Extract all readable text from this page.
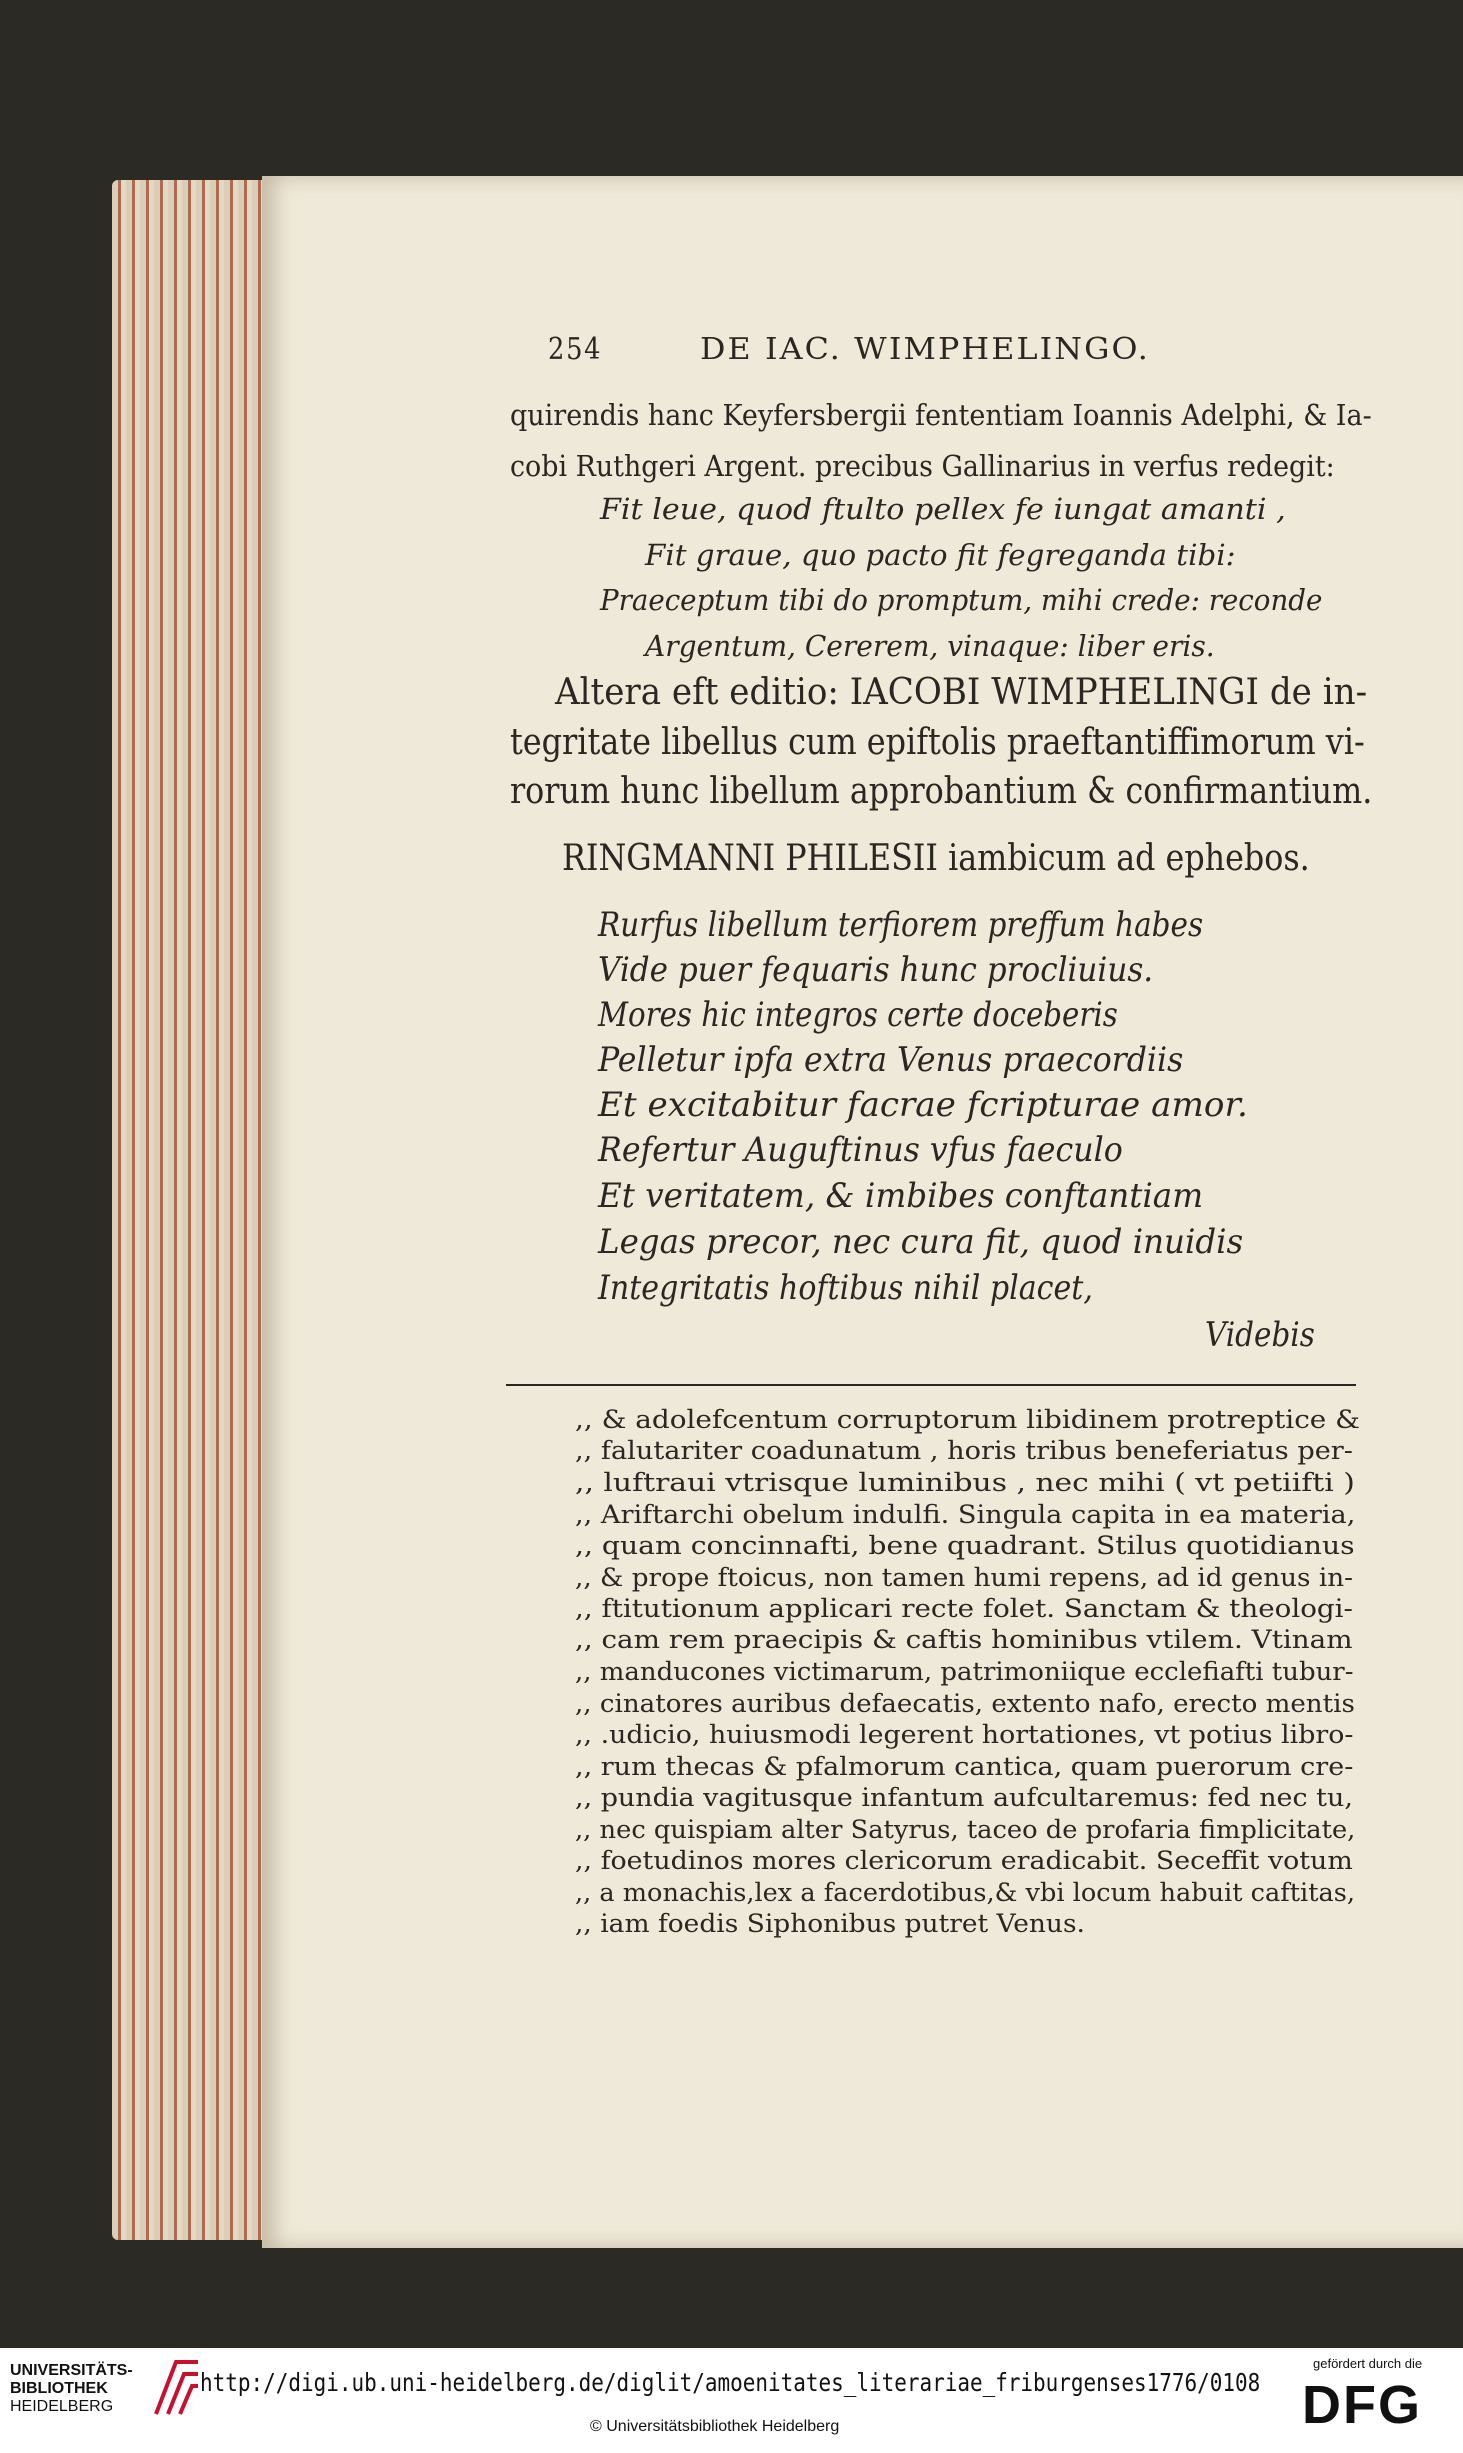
254	DE IAC. WIMPHELINGO.
quirendis hanc Keyfersbergii fententiam Ioannis Adelphi, & Ia-
cobi Ruthgeri Argent. precibus Gallinarius in verfus redegit:
Fit leue, quod ftulto pellex fe iungat amanti ,
Fit graue, quo pacto fit fegreganda tibi:
Praeceptum tibi do promptum, mihi crede: reconde
Argentum, Cererem, vinaque: liber eris.
Altera eft editio: IACOBI WIMPHELINGI de in-
tegritate libellus cum epiftolis praeftantiffimorum vi-
rorum hunc libellum approbantium & confirmantium.
RINGMANNI PHILESII iambicum ad ephebos.
Rurfus libellum terfiorem preffum habes
Vide puer fequaris hunc procliuius.
Mores hic integros certe doceberis
Pelletur ipfa extra Venus praecordiis
Et excitabitur facrae fcripturae amor.
Refertur Auguftinus vfus faeculo
Et veritatem, & imbibes conftantiam
Legas precor, nec cura fit, quod inuidis
Integritatis hoftibus nihil placet,
Videbis
,, & adolefcentum corruptorum libidinem protreptice &
,, falutariter coadunatum , horis tribus beneferiatus per-
,, luftraui vtrisque luminibus , nec mihi ( vt petiifti )
,, Ariftarchi obelum indulfi. Singula capita in ea materia,
,, quam concinnafti, bene quadrant. Stilus quotidianus
,, & prope ftoicus, non tamen humi repens, ad id genus in-
,, ftitutionum applicari recte folet. Sanctam & theologi-
,, cam rem praecipis & caftis hominibus vtilem. Vtinam
,, manducones victimarum, patrimoniique ecclefiafti tubur-
,, cinatores auribus defaecatis, extento nafo, erecto mentis
,, .udicio, huiusmodi legerent hortationes, vt potius libro-
,, rum thecas & pfalmorum cantica, quam puerorum cre-
,, pundia vagitusque infantum aufcultaremus: fed nec tu,
,, nec quispiam alter Satyrus, taceo de profaria fimplicitate,
,, foetudinos mores clericorum eradicabit. Seceffit votum
,, a monachis,lex a facerdotibus,& vbi locum habuit caftitas,
,, iam foedis Siphonibus putret Venus.
UNIVERSITÄTS-
BIBLIOTHEK
HEIDELBERG
http://digi.ub.uni-heidelberg.de/diglit/amoenitates_literariae_friburgenses1776/0108
© Universitätsbibliothek Heidelberg
gefördert durch die
DFG
